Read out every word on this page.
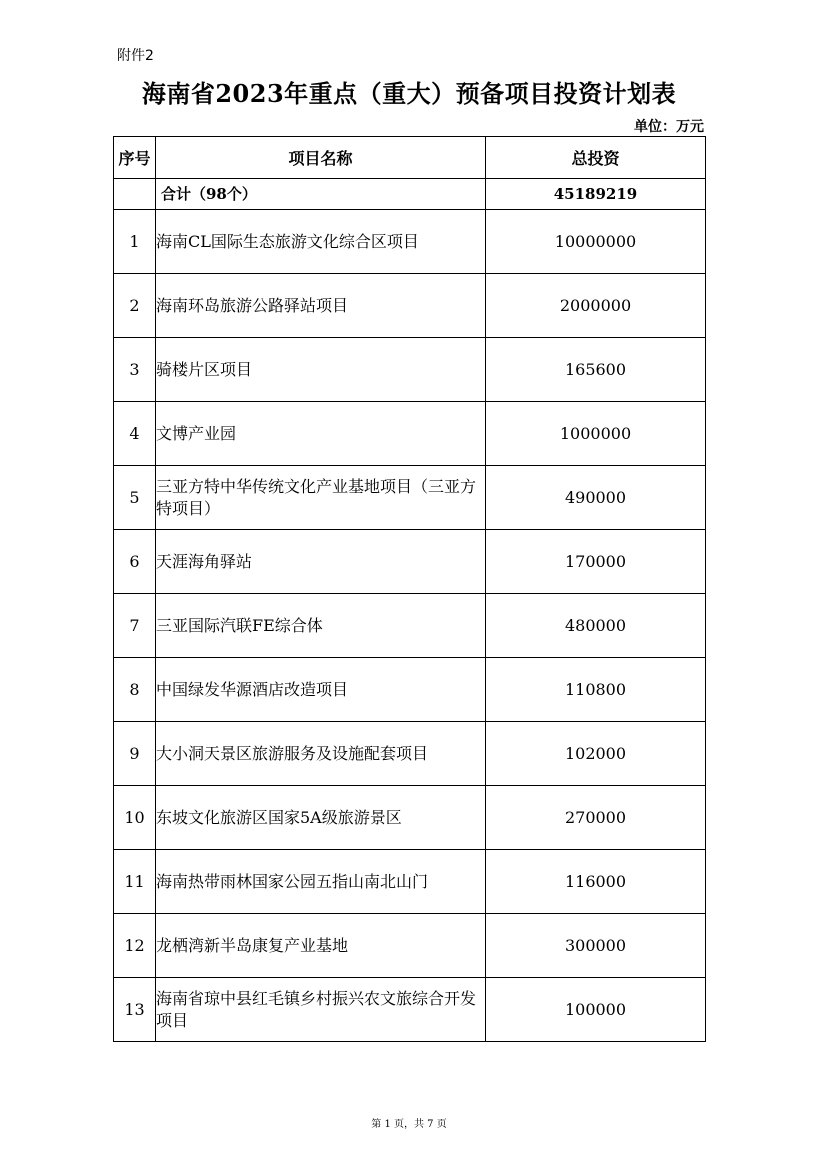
附件2
海南省2023年重点（重大）预备项目投资计划表
单位：万元
序号	项目名称	总投资
	合计（98个）	45189219
1	海南CL国际生态旅游文化综合区项目	10000000
2	海南环岛旅游公路驿站项目	2000000
3	骑楼片区项目	165600
4	文博产业园	1000000
5	三亚方特中华传统文化产业基地项目（三亚方特项目）	490000
6	天涯海角驿站	170000
7	三亚国际汽联FE综合体	480000
8	中国绿发华源酒店改造项目	110800
9	大小洞天景区旅游服务及设施配套项目	102000
10	东坡文化旅游区国家5A级旅游景区	270000
11	海南热带雨林国家公园五指山南北山门	116000
12	龙栖湾新半岛康复产业基地	300000
13	海南省琼中县红毛镇乡村振兴农文旅综合开发项目	100000
第 1 页，共 7 页
